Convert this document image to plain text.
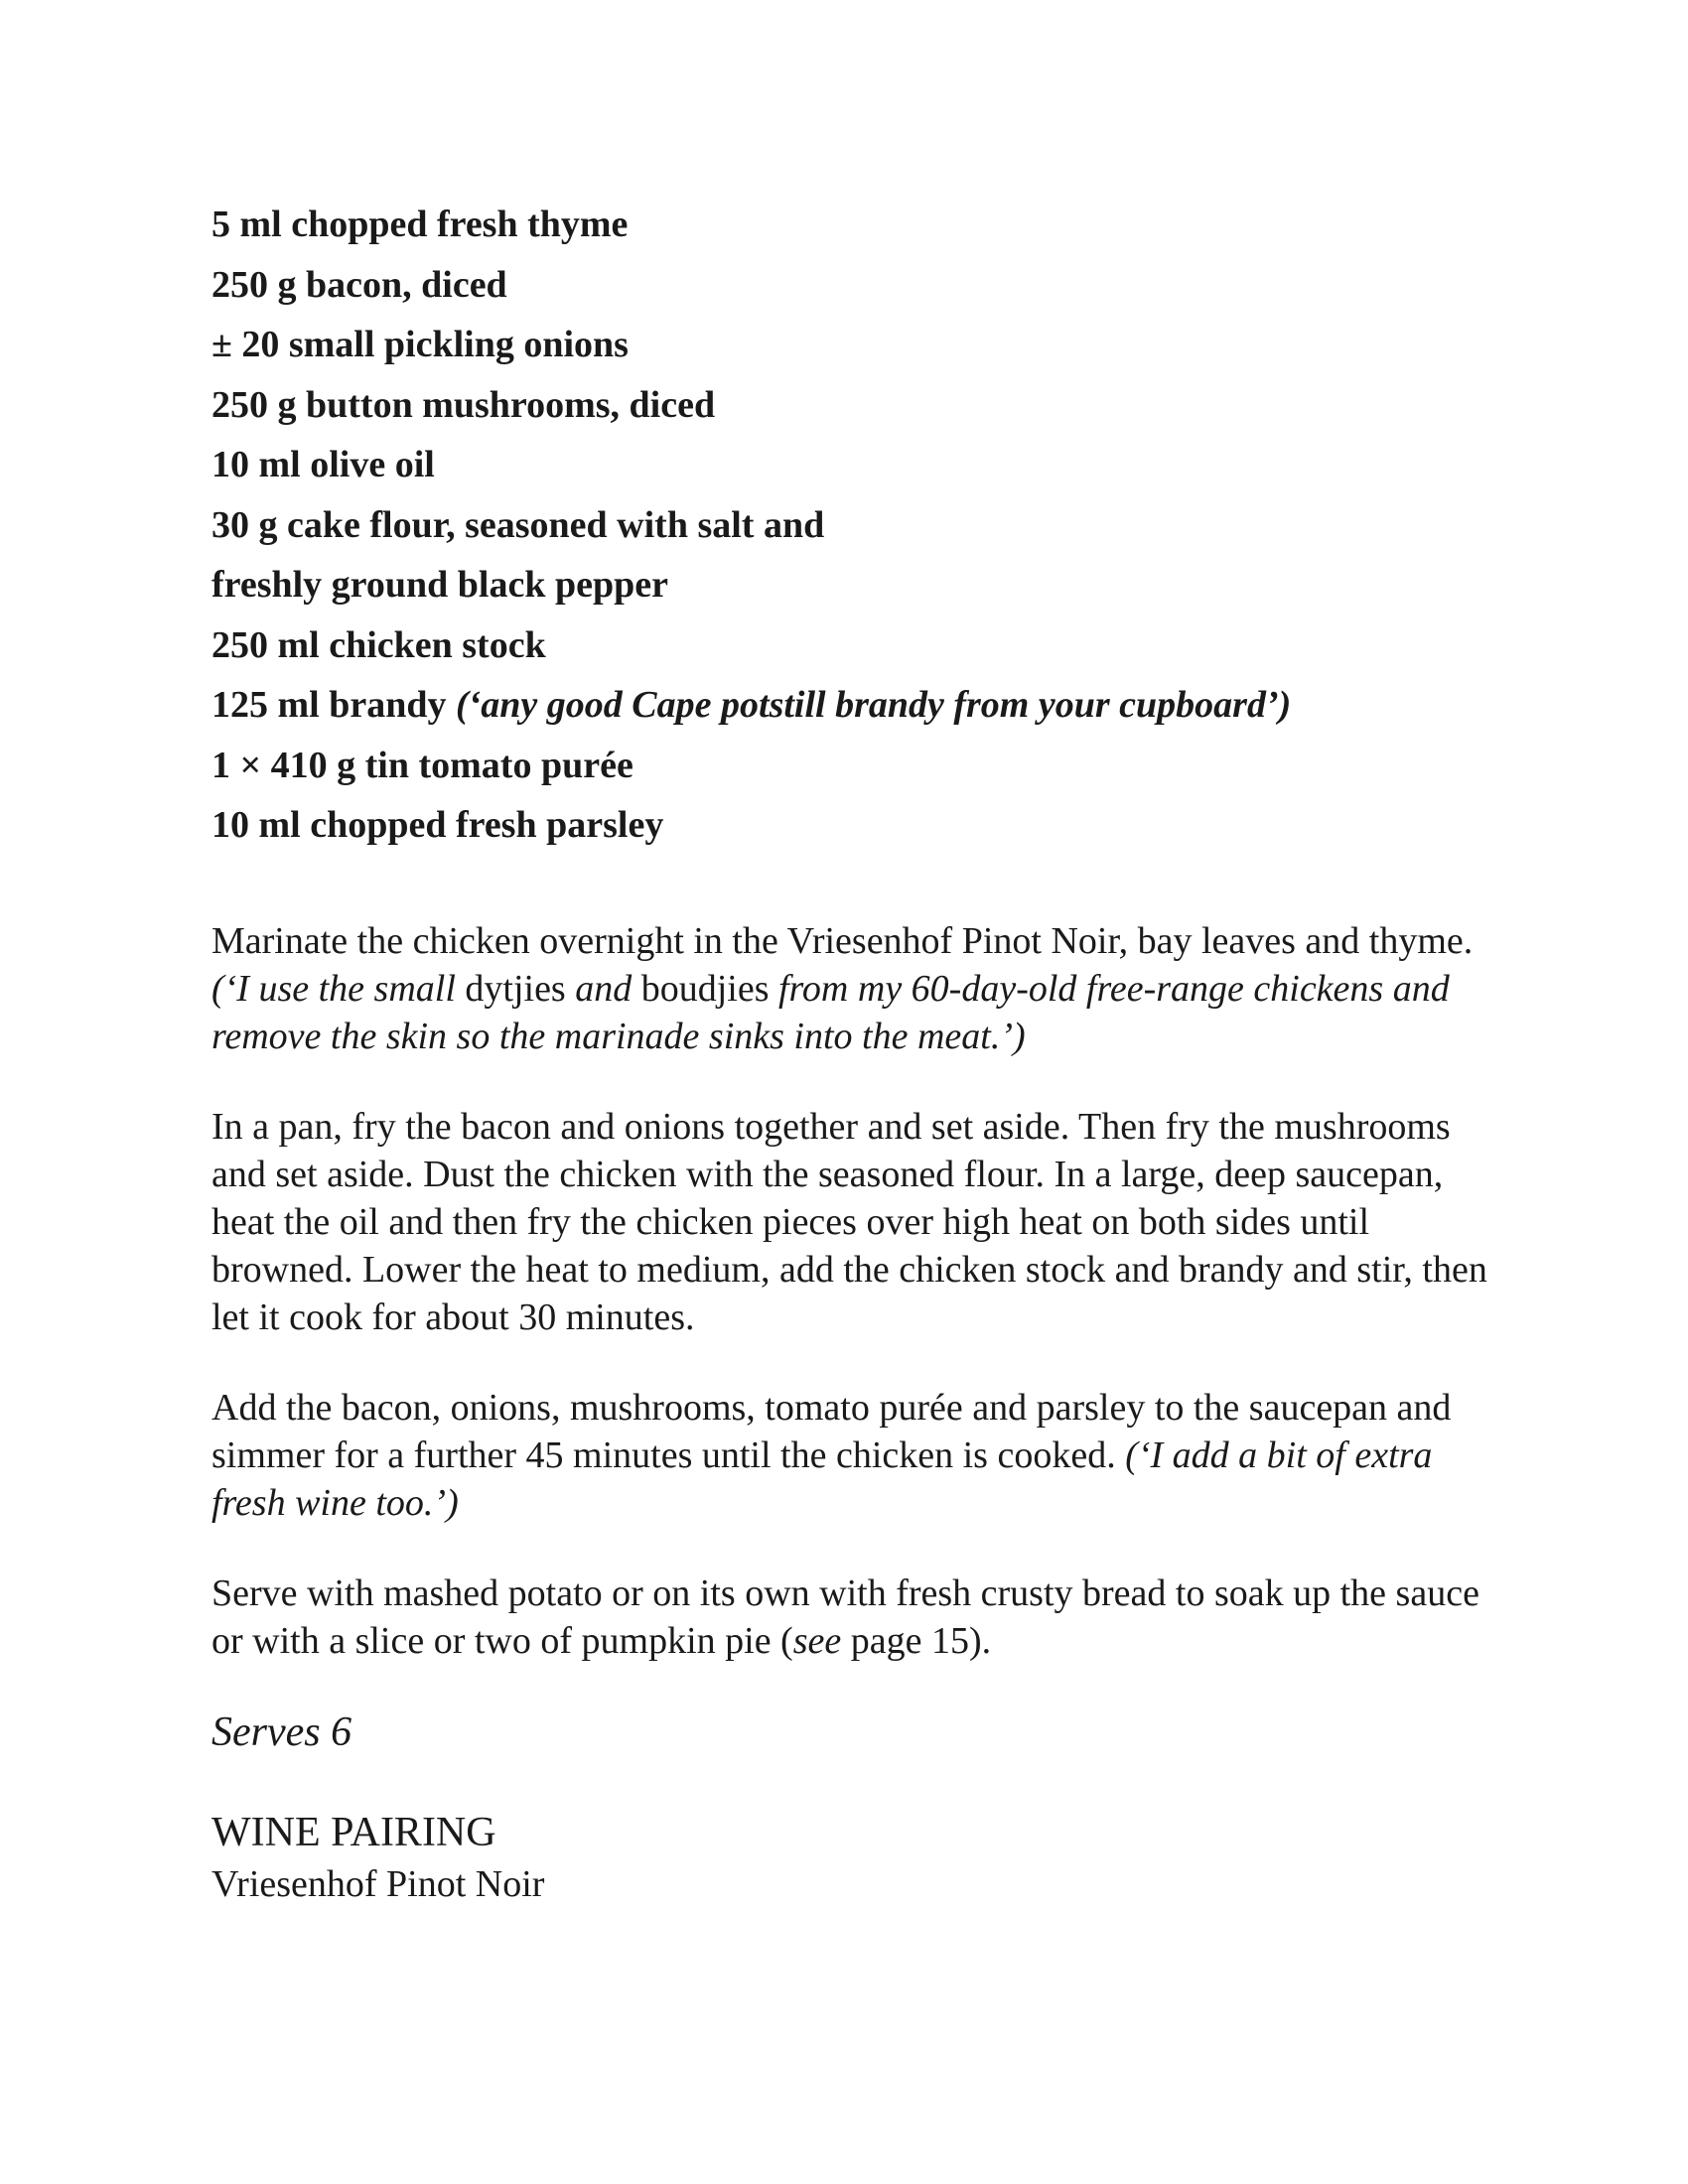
5 ml chopped fresh thyme
250 g bacon, diced
± 20 small pickling onions
250 g button mushrooms, diced
10 ml olive oil
30 g cake flour, seasoned with salt and
freshly ground black pepper
250 ml chicken stock
125 ml brandy (‘any good Cape potstill brandy from your cupboard’)
1 × 410 g tin tomato purée
10 ml chopped fresh parsley

Marinate the chicken overnight in the Vriesenhof Pinot Noir, bay leaves and thyme. (‘I use the small dytjies and boudjies from my 60-day-old free-range chickens and remove the skin so the marinade sinks into the meat.’)

In a pan, fry the bacon and onions together and set aside. Then fry the mushrooms and set aside. Dust the chicken with the seasoned flour. In a large, deep saucepan, heat the oil and then fry the chicken pieces over high heat on both sides until browned. Lower the heat to medium, add the chicken stock and brandy and stir, then let it cook for about 30 minutes.

Add the bacon, onions, mushrooms, tomato purée and parsley to the saucepan and simmer for a further 45 minutes until the chicken is cooked. (‘I add a bit of extra fresh wine too.’)

Serve with mashed potato or on its own with fresh crusty bread to soak up the sauce or with a slice or two of pumpkin pie (see page 15).

Serves 6
WINE PAIRING
Vriesenhof Pinot Noir
